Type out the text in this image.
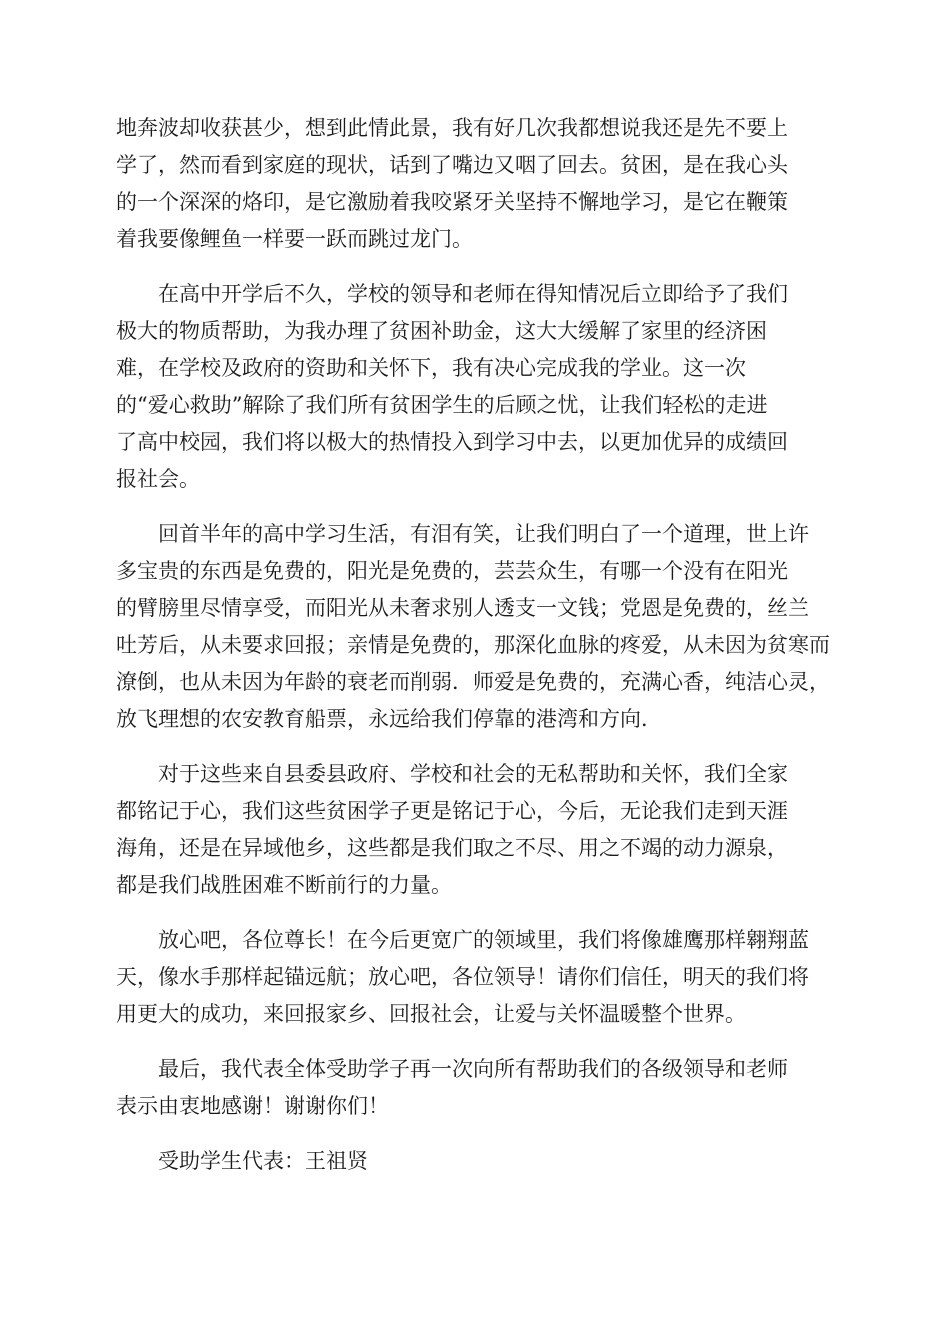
地奔波却收获甚少，想到此情此景，我有好几次我都想说我还是先不要上
学了，然而看到家庭的现状，话到了嘴边又咽了回去。贫困，是在我心头
的一个深深的烙印，是它激励着我咬紧牙关坚持不懈地学习，是它在鞭策
着我要像鲤鱼一样要一跃而跳过龙门。

在高中开学后不久，学校的领导和老师在得知情况后立即给予了我们
极大的物质帮助，为我办理了贫困补助金，这大大缓解了家里的经济困
难，在学校及政府的资助和关怀下，我有决心完成我的学业。这一次
的“爱心救助”解除了我们所有贫困学生的后顾之忧，让我们轻松的走进
了高中校园，我们将以极大的热情投入到学习中去，以更加优异的成绩回
报社会。

回首半年的高中学习生活，有泪有笑，让我们明白了一个道理，世上许
多宝贵的东西是免费的，阳光是免费的，芸芸众生，有哪一个没有在阳光
的臂膀里尽情享受，而阳光从未奢求别人透支一文钱；党恩是免费的，丝兰
吐芳后，从未要求回报；亲情是免费的，那深化血脉的疼爱，从未因为贫寒而
潦倒，也从未因为年龄的衰老而削弱．师爱是免费的，充满心香，纯洁心灵，
放飞理想的农安教育船票，永远给我们停靠的港湾和方向．

对于这些来自县委县政府、学校和社会的无私帮助和关怀，我们全家
都铭记于心，我们这些贫困学子更是铭记于心，今后，无论我们走到天涯
海角，还是在异域他乡，这些都是我们取之不尽、用之不竭的动力源泉，
都是我们战胜困难不断前行的力量。

放心吧，各位尊长！在今后更宽广的领域里，我们将像雄鹰那样翱翔蓝
天，像水手那样起锚远航；放心吧，各位领导！请你们信任，明天的我们将
用更大的成功，来回报家乡、回报社会，让爱与关怀温暖整个世界。

最后，我代表全体受助学子再一次向所有帮助我们的各级领导和老师
表示由衷地感谢！谢谢你们！

受助学生代表：王祖贤
